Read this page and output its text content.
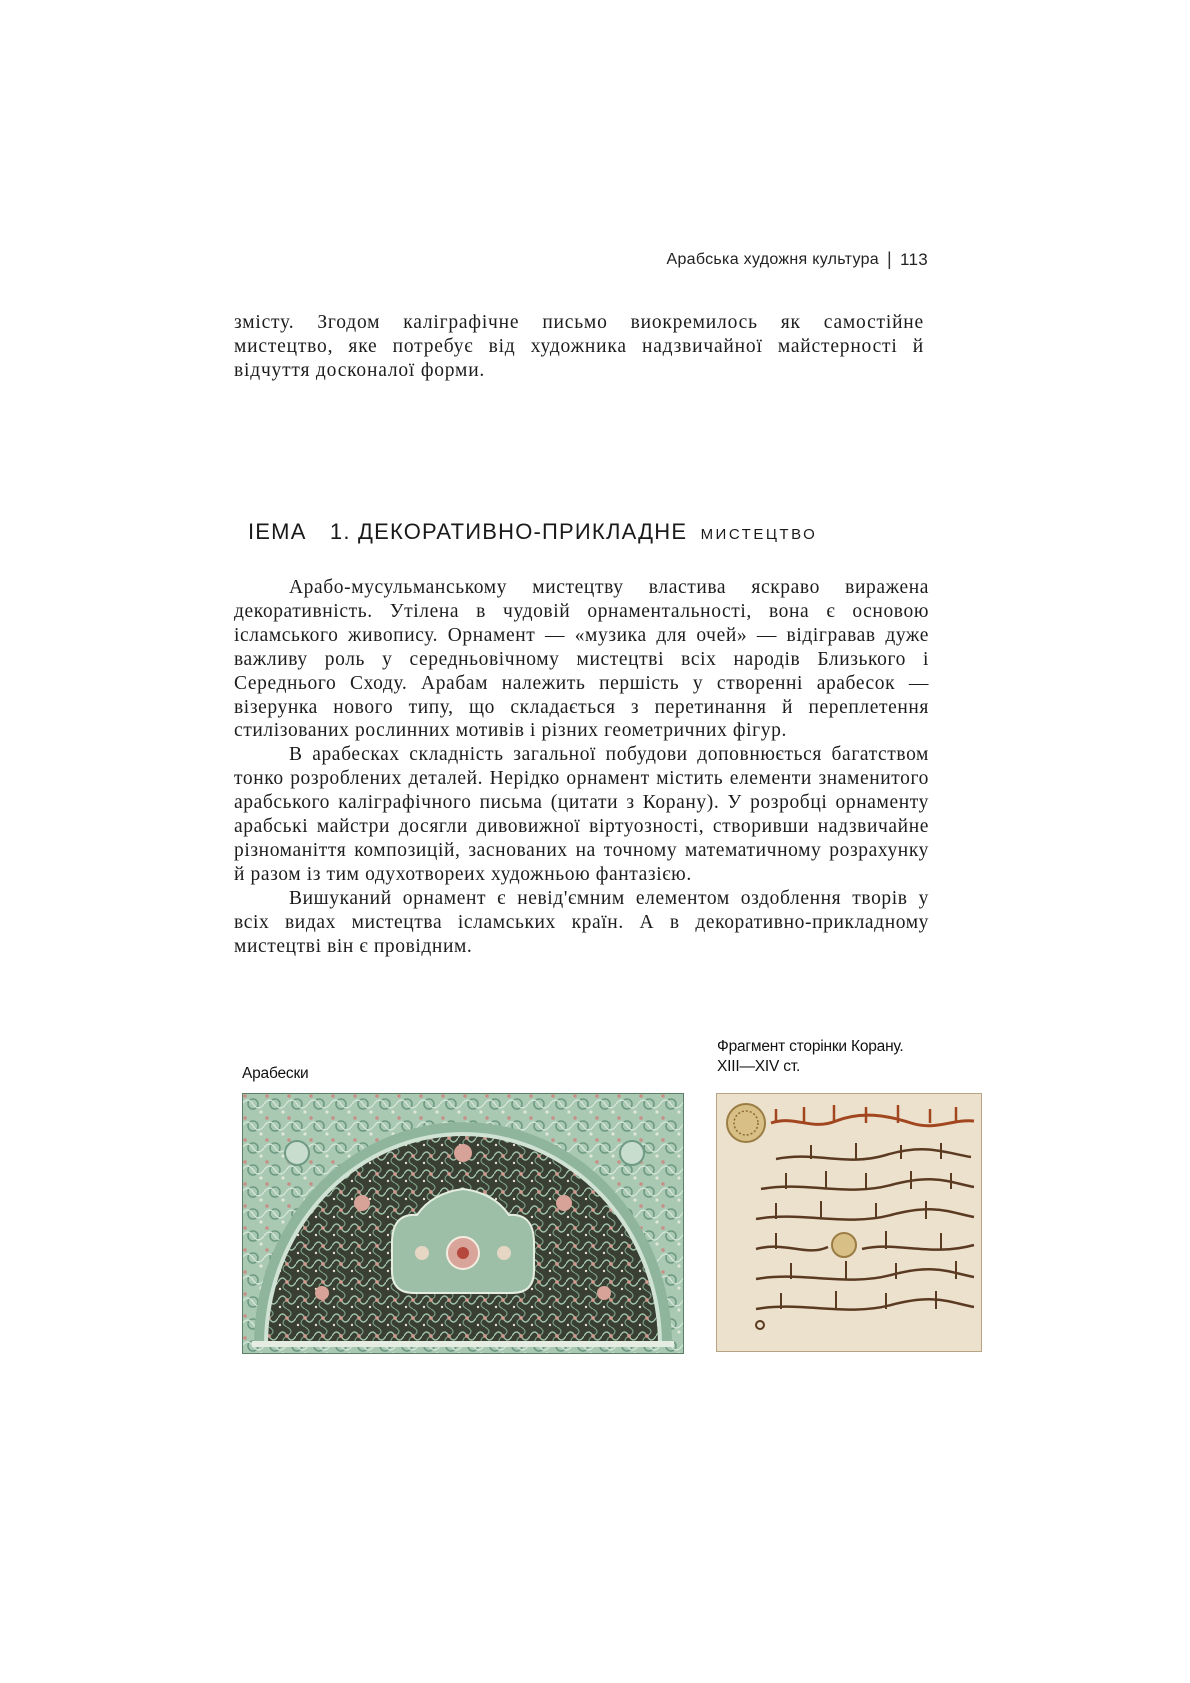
Арабська художня культура | 113

змісту. Згодом каліграфічне письмо виокремилось як самостійне мистецтво, яке потребує від художника надзвичайної майстерності й відчуття досконалої форми.

ІЕМА 1. ДЕКОРАТИВНО-ПРИКЛАДНЕ МИСТЕЦТВО

Арабо-мусульманському мистецтву властива яскраво виражена декоративність. Утілена в чудовій орнаментальності, вона є основою ісламського живопису. Орнамент — «музика для очей» — відігравав дуже важливу роль у середньовічному мистецтві всіх народів Близького і Середнього Сходу. Арабам належить першість у створенні арабесок — візерунка нового типу, що складається з перетинання й переплетення стилізованих рослинних мотивів і різних геометричних фігур.

В арабесках складність загальної побудови доповнюється багатством тонко розроблених деталей. Нерідко орнамент містить елементи знаменитого арабського каліграфічного письма (цитати з Корану). У розробці орнаменту арабські майстри досягли дивовижної віртуозності, створивши надзвичайне різноманіття композицій, заснованих на точному математичному розрахунку й разом із тим одухотвореих художньою фантазією.

Вишуканий орнамент є невід'ємним елементом оздоблення творів у всіх видах мистецтва ісламських країн. А в декоративно-прикладному мистецтві він є провідним.

Арабески
Фрагмент сторінки Корану.
XIII—XIV ст.
